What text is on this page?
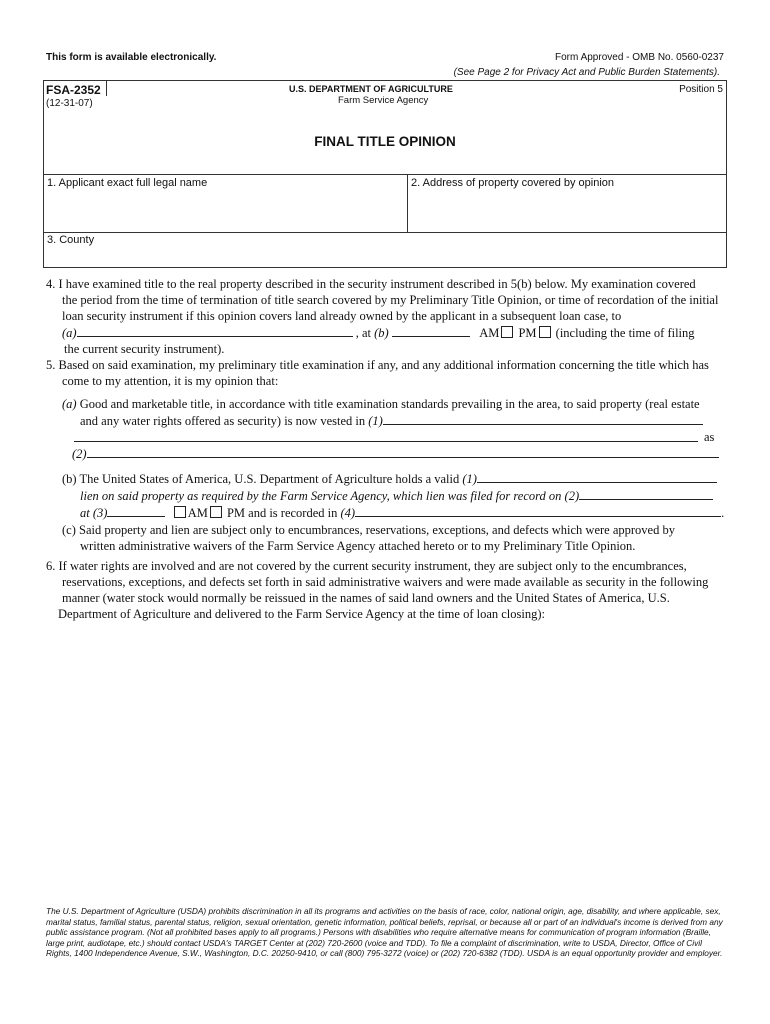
This form is available electronically.	Form Approved - OMB No. 0560-0237
(See Page 2 for Privacy Act and Public Burden Statements).
FSA-2352
(12-31-07)
U.S. DEPARTMENT OF AGRICULTURE
Farm Service Agency
Position 5
FINAL TITLE OPINION
1. Applicant exact full legal name	2. Address of property covered by opinion
3. County
4. I have examined title to the real property described in the security instrument described in 5(b) below. My examination covered
the period from the time of termination of title search covered by my Preliminary Title Opinion, or time of recordation of the initial
loan security instrument if this opinion covers land already owned by the applicant in a subsequent loan case, to
(a)	, at (b)	AM PM (including the time of filing
the current security instrument).
5. Based on said examination, my preliminary title examination if any, and any additional information concerning the title which has
come to my attention, it is my opinion that:
(a) Good and marketable title, in accordance with title examination standards prevailing in the area, to said property (real estate
and any water rights offered as security) is now vested in (1)
as
(2)
(b) The United States of America, U.S. Department of Agriculture holds a valid (1)
lien on said property as required by the Farm Service Agency, which lien was filed for record on (2)
at (3)	AM PM and is recorded in (4)	.
(c) Said property and lien are subject only to encumbrances, reservations, exceptions, and defects which were approved by
written administrative waivers of the Farm Service Agency attached hereto or to my Preliminary Title Opinion.
6. If water rights are involved and are not covered by the current security instrument, they are subject only to the encumbrances,
reservations, exceptions, and defects set forth in said administrative waivers and were made available as security in the following
manner (water stock would normally be reissued in the names of said land owners and the United States of America, U.S.
Department of Agriculture and delivered to the Farm Service Agency at the time of loan closing):
The U.S. Department of Agriculture (USDA) prohibits discrimination in all its programs and activities on the basis of race, color, national origin, age, disability, and where applicable, sex, marital status, familial status, parental status, religion, sexual orientation, genetic information, political beliefs, reprisal, or because all or part of an individual's income is derived from any public assistance program. (Not all prohibited bases apply to all programs.) Persons with disabilities who require alternative means for communication of program information (Braille, large print, audiotape, etc.) should contact USDA's TARGET Center at (202) 720-2600 (voice and TDD). To file a complaint of discrimination, write to USDA, Director, Office of Civil Rights, 1400 Independence Avenue, S.W., Washington, D.C. 20250-9410, or call (800) 795-3272 (voice) or (202) 720-6382 (TDD). USDA is an equal opportunity provider and employer.
